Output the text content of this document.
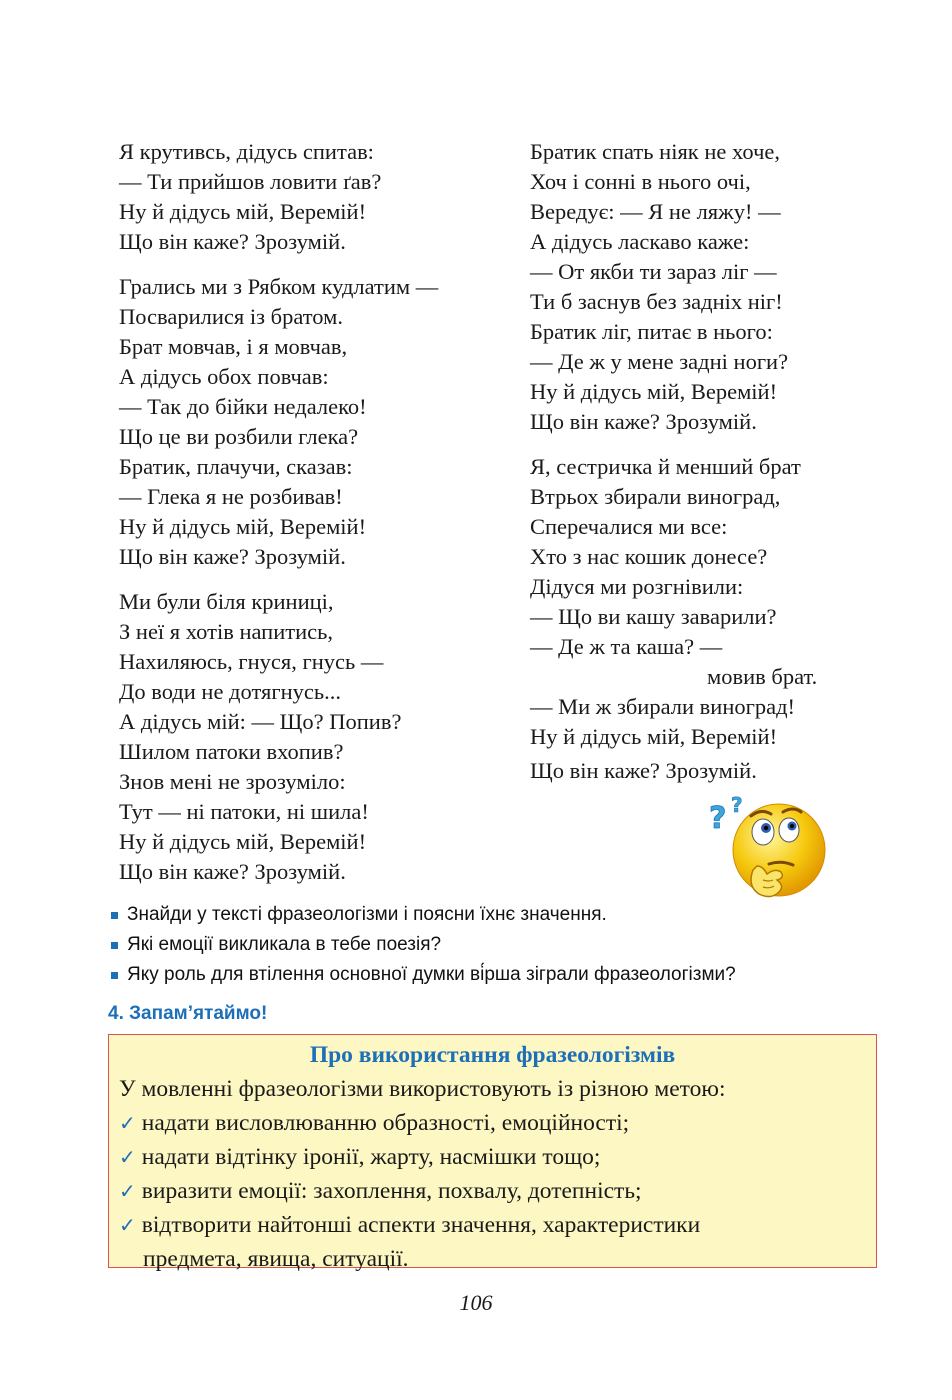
Я крутивсь, дідусь спитав:
— Ти прийшов ловити ґав?
Ну й дідусь мій, Веремій!
Що він каже? Зрозумій.
Грались ми з Рябком кудлатим —
Посварилися із братом.
Брат мовчав, і я мовчав,
А дідусь обох повчав:
— Так до бійки недалеко!
Що це ви розбили глека?
Братик, плачучи, сказав:
— Глека я не розбивав!
Ну й дідусь мій, Веремій!
Що він каже? Зрозумій.
Ми були біля криниці,
З неї я хотів напитись,
Нахиляюсь, гнуся, гнусь —
До води не дотягнусь...
А дідусь мій: — Що? Попив?
Шилом патоки вхопив?
Знов мені не зрозуміло:
Тут — ні патоки, ні шила!
Ну й дідусь мій, Веремій!
Що він каже? Зрозумій.
Братик спать ніяк не хоче,
Хоч і сонні в нього очі,
Вередує: — Я не ляжу! —
А дідусь ласкаво каже:
— От якби ти зараз ліг —
Ти б заснув без задніх ніг!
Братик ліг, питає в нього:
— Де ж у мене задні ноги?
Ну й дідусь мій, Веремій!
Що він каже? Зрозумій.
Я, сестричка й менший брат
Втрьох збирали виноград,
Сперечалися ми все:
Хто з нас кошик донесе?
Дідуся ми розгнівили:
— Що ви кашу заварили?
— Де ж та каша? —
мовив брат.
— Ми ж збирали виноград!
Ну й дідусь мій, Веремій!
Що він каже? Зрозумій.
? ?
Знайди у тексті фразеологізми і поясни їхнє значення.
Які емоції викликала в тебе поезія?
Яку роль для втілення основної думки ві́рша зіграли фразеологізми?
4. Запам’ятаймо!
Про використання фразеологізмів
У мовленні фразеологізми використовують із різною метою:
✓ надати висловлюванню образності, емоційності;
✓ надати відтінку іронії, жарту, насмішки тощо;
✓ виразити емоції: захоплення, похвалу, дотепність;
✓ відтворити найтонші аспекти значення, характеристики
предмета, явища, ситуації.
106
